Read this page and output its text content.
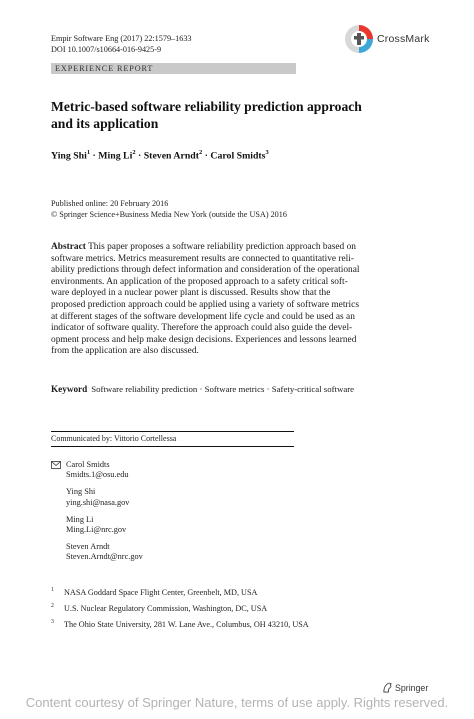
Empir Software Eng (2017) 22:1579–1633
DOI 10.1007/s10664-016-9425-9
CrossMark
EXPERIENCE REPORT
Metric-based software reliability prediction approach
and its application
Ying Shi$^1$ · Ming $Li^2$ · Steven Arndt$^2$ · Carol Smidts$^3$
Published online: 20 February 2016
© Springer Science+Business Media New York (outside the USA) 2016
Abstract This paper proposes a software reliability prediction approach based on
software metrics. Metrics measurement results are connected to quantitative reli-
ability predictions through defect information and consideration of the operational
environments. An application of the proposed approach to a safety critical soft-
ware deployed in a nuclear power plant is discussed. Results show that the
proposed prediction approach could be applied using a variety of software metrics
at different stages of the software development life cycle and could be used as an
indicator of software quality. Therefore the approach could also guide the devel-
opment process and help make design decisions. Experiences and lessons learned
from the application are also discussed.
Keyword Software reliability prediction · Software metrics · Safety-critical software
Communicated by: Vittorio Cortellessa
Carol Smidts
Smidts.1@osu.edu
Ying Shi
ying.shi@nasa.gov
Ming Li
Ming.Li@nrc.gov
Steven Arndt
Steven.Arndt@nrc.gov
1 NASA Goddard Space Flight Center, Greenbelt, MD, USA
2 U.S. Nuclear Regulatory Commission, Washington, DC, USA
3 The Ohio State University, 281 W. Lane Ave., Columbus, OH 43210, USA
Springer
Content courtesy of Springer Nature, terms of use apply. Rights reserved.
